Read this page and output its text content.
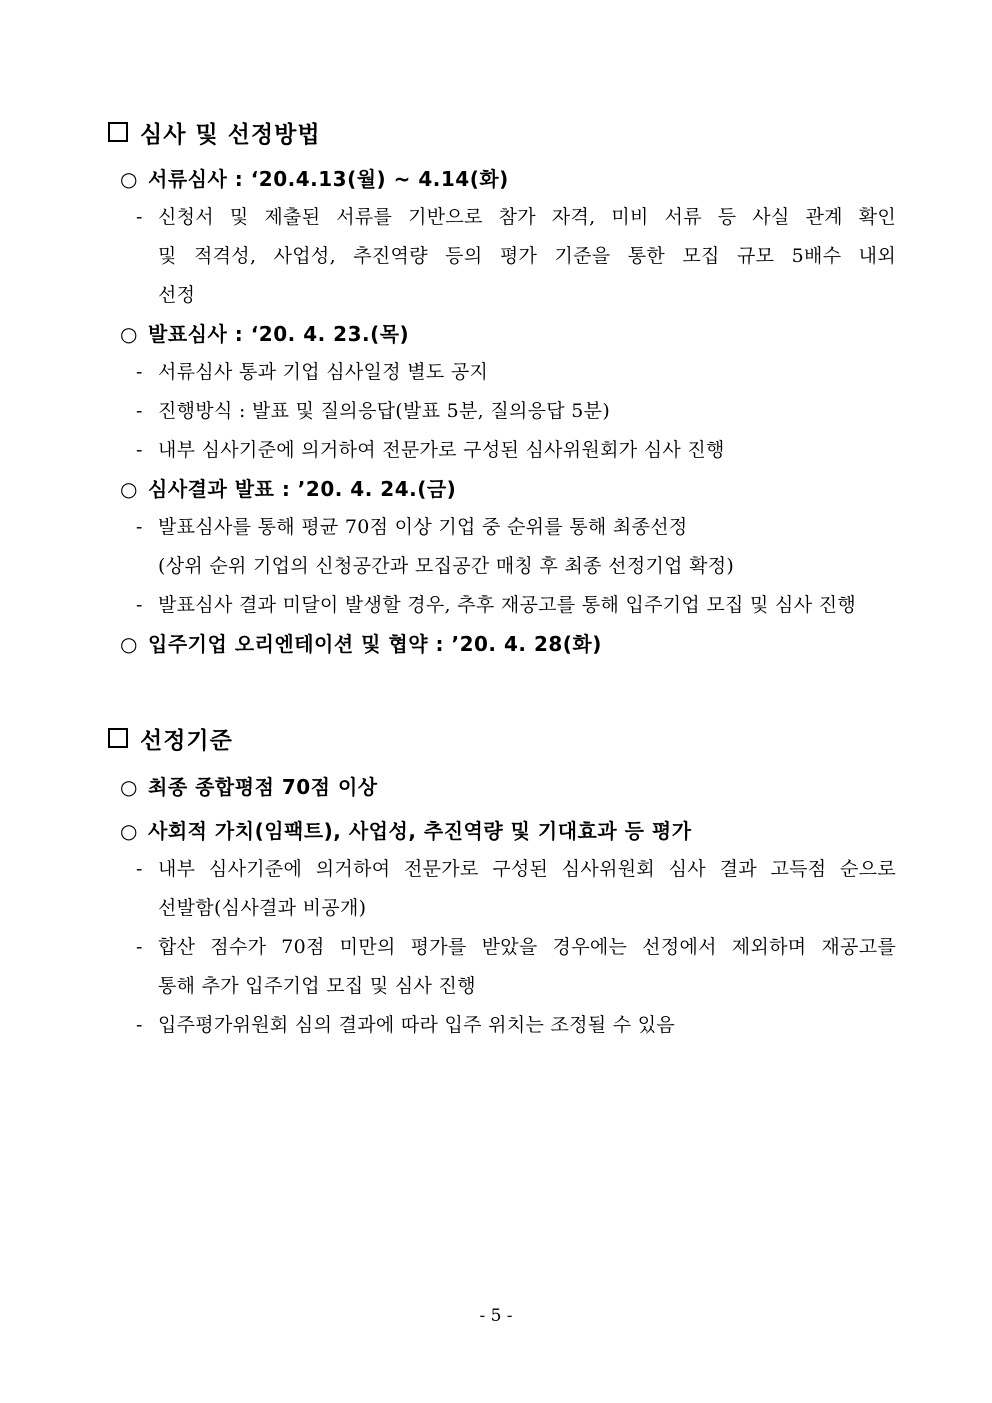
심사 및 선정방법
○ 서류심사 : ‘20.4.13(월) ~ 4.14(화)
- 신청서 및 제출된 서류를 기반으로 참가 자격, 미비 서류 등 사실 관계 확인
및 적격성, 사업성, 추진역량 등의 평가 기준을 통한 모집 규모 5배수 내외
선정
○ 발표심사 : ‘20. 4. 23.(목)
- 서류심사 통과 기업 심사일정 별도 공지
- 진행방식 : 발표 및 질의응답(발표 5분, 질의응답 5분)
- 내부 심사기준에 의거하여 전문가로 구성된 심사위원회가 심사 진행
○ 심사결과 발표 : ’20. 4. 24.(금)
- 발표심사를 통해 평균 70점 이상 기업 중 순위를 통해 최종선정
(상위 순위 기업의 신청공간과 모집공간 매칭 후 최종 선정기업 확정)
- 발표심사 결과 미달이 발생할 경우, 추후 재공고를 통해 입주기업 모집 및 심사 진행
○ 입주기업 오리엔테이션 및 협약 : ’20. 4. 28(화)
선정기준
○ 최종 종합평점 70점 이상
○ 사회적 가치(임팩트), 사업성, 추진역량 및 기대효과 등 평가
- 내부 심사기준에 의거하여 전문가로 구성된 심사위원회 심사 결과 고득점 순으로
선발함(심사결과 비공개)
- 합산 점수가 70점 미만의 평가를 받았을 경우에는 선정에서 제외하며 재공고를
통해 추가 입주기업 모집 및 심사 진행
- 입주평가위원회 심의 결과에 따라 입주 위치는 조정될 수 있음
- 5 -
